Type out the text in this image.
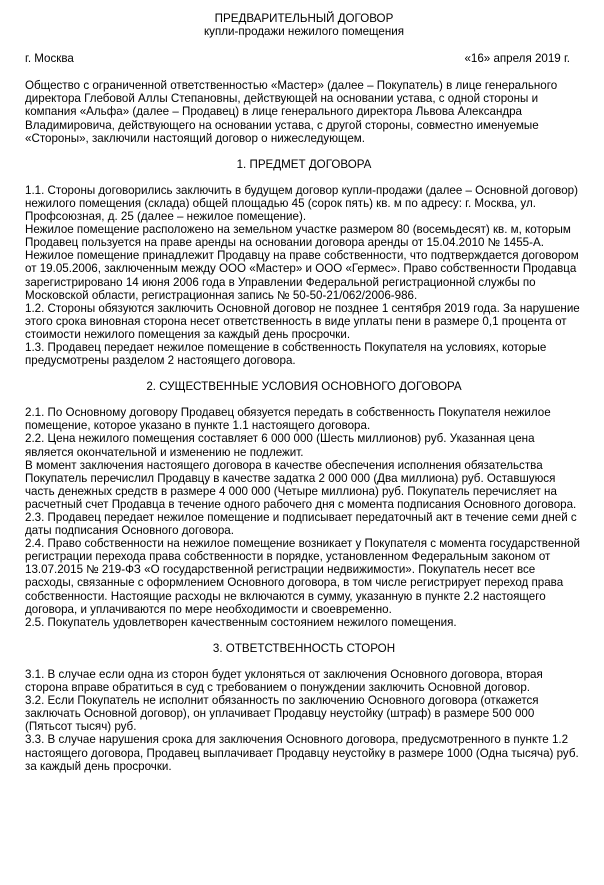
ПРЕДВАРИТЕЛЬНЫЙ ДОГОВОР
купли-продажи нежилого помещения
г. Москва	«16» апреля 2019 г.

Общество с ограниченной ответственностью «Мастер» (далее – Покупатель) в лице генерального директора Глебовой Аллы Степановны, действующей на основании устава, с одной стороны и компания «Альфа» (далее – Продавец) в лице генерального директора Львова Александра Владимировича, действующего на основании устава, с другой стороны, совместно именуемые «Стороны», заключили настоящий договор о нижеследующем.

1. ПРЕДМЕТ ДОГОВОРА

1.1. Стороны договорились заключить в будущем договор купли-продажи (далее – Основной договор) нежилого помещения (склада) общей площадью 45 (сорок пять) кв. м по адресу: г. Москва, ул. Профсоюзная, д. 25 (далее – нежилое помещение).

Нежилое помещение расположено на земельном участке размером 80 (восемьдесят) кв. м, которым Продавец пользуется на праве аренды на основании договора аренды от 15.04.2010 № 1455-А.

Нежилое помещение принадлежит Продавцу на праве собственности, что подтверждается договором от 19.05.2006, заключенным между ООО «Мастер» и ООО «Гермес». Право собственности Продавца зарегистрировано 14 июня 2006 года в Управлении Федеральной регистрационной службы по Московской области, регистрационная запись № 50-50-21/062/2006-986.

1.2. Стороны обязуются заключить Основной договор не позднее 1 сентября 2019 года. За нарушение этого срока виновная сторона несет ответственность в виде уплаты пени в размере 0,1 процента от стоимости нежилого помещения за каждый день просрочки.

1.3. Продавец передает нежилое помещение в собственность Покупателя на условиях, которые предусмотрены разделом 2 настоящего договора.

2. СУЩЕСТВЕННЫЕ УСЛОВИЯ ОСНОВНОГО ДОГОВОРА

2.1. По Основному договору Продавец обязуется передать в собственность Покупателя нежилое помещение, которое указано в пункте 1.1 настоящего договора.

2.2. Цена нежилого помещения составляет 6 000 000 (Шесть миллионов) руб. Указанная цена является окончательной и изменению не подлежит.

В момент заключения настоящего договора в качестве обеспечения исполнения обязательства Покупатель перечислил Продавцу в качестве задатка 2 000 000 (Два миллиона) руб. Оставшуюся часть денежных средств в размере 4 000 000 (Четыре миллиона) руб. Покупатель перечисляет на расчетный счет Продавца в течение одного рабочего дня с момента подписания Основного договора.

2.3. Продавец передает нежилое помещение и подписывает передаточный акт в течение семи дней с даты подписания Основного договора.

2.4. Право собственности на нежилое помещение возникает у Покупателя с момента государственной регистрации перехода права собственности в порядке, установленном Федеральным законом от 13.07.2015 № 219-ФЗ «О государственной регистрации недвижимости». Покупатель несет все расходы, связанные с оформлением Основного договора, в том числе регистрирует переход права собственности. Настоящие расходы не включаются в сумму, указанную в пункте 2.2 настоящего договора, и уплачиваются по мере необходимости и своевременно.

2.5. Покупатель удовлетворен качественным состоянием нежилого помещения.

3. ОТВЕТСТВЕННОСТЬ СТОРОН

3.1. В случае если одна из сторон будет уклоняться от заключения Основного договора, вторая сторона вправе обратиться в суд с требованием о понуждении заключить Основной договор.

3.2. Если Покупатель не исполнит обязанность по заключению Основного договора (откажется заключать Основной договор), он уплачивает Продавцу неустойку (штраф) в размере 500 000 (Пятьсот тысяч) руб.

3.3. В случае нарушения срока для заключения Основного договора, предусмотренного в пункте 1.2 настоящего договора, Продавец выплачивает Продавцу неустойку в размере 1000 (Одна тысяча) руб. за каждый день просрочки.
